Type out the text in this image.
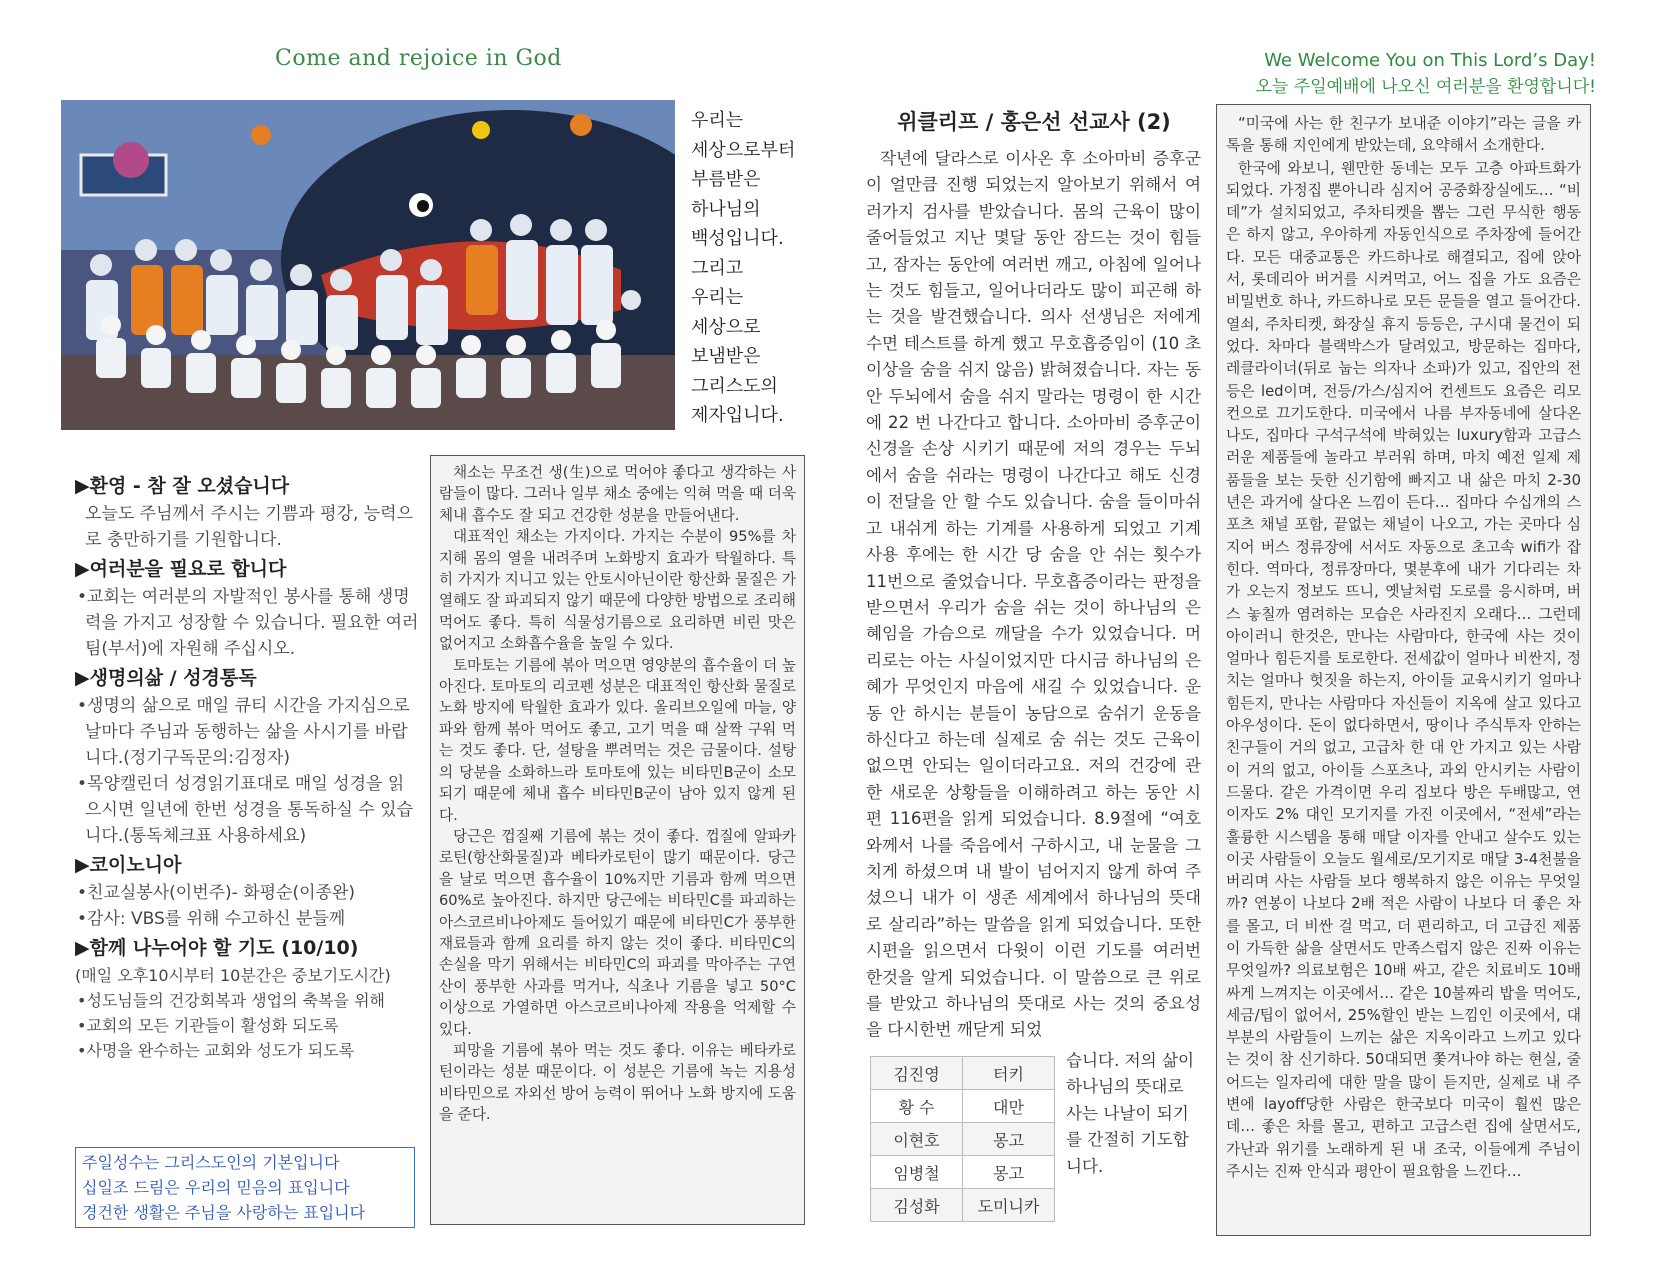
Come and rejoice in God	We Welcome You on This Lord’s Day!
오늘 주일예배에 나오신 여러분을 환영합니다!
우리는
세상으로부터
부름받은
하나님의
백성입니다.
그리고
우리는
세상으로
보냄받은
그리스도의
제자입니다.
▶환영 - 참 잘 오셨습니다
오늘도 주님께서 주시는 기쁨과 평강, 능력으로 충만하기를 기원합니다.
▶여러분을 필요로 합니다
•교회는 여러분의 자발적인 봉사를 통해 생명력을 가지고 성장할 수 있습니다. 필요한 여러 팀(부서)에 자원해 주십시오.
▶생명의삶 / 성경통독
•생명의 삶으로 매일 큐티 시간을 가지심으로 날마다 주님과 동행하는 삶을 사시기를 바랍니다.(정기구독문의:김정자)
•목양캘린더 성경읽기표대로 매일 성경을 읽으시면 일년에 한번 성경을 통독하실 수 있습니다.(통독체크표 사용하세요)
▶코이노니아
•친교실봉사(이번주)- 화평순(이종완)
•감사: VBS를 위해 수고하신 분들께
▶함께 나누어야 할 기도 (10/10)
(매일 오후10시부터 10분간은 중보기도시간)
•성도님들의 건강회복과 생업의 축복을 위해
•교회의 모든 기관들이 활성화 되도록
•사명을 완수하는 교회와 성도가 되도록
주일성수는 그리스도인의 기본입니다
십일조 드림은 우리의 믿음의 표입니다
경건한 생활은 주님을 사랑하는 표입니다

채소는 무조건 생(生)으로 먹어야 좋다고 생각하는 사람들이 많다. 그러나 일부 채소 중에는 익혀 먹을 때 더욱 체내 흡수도 잘 되고 건강한 성분을 만들어낸다.

대표적인 채소는 가지이다. 가지는 수분이 95%를 차지해 몸의 열을 내려주며 노화방지 효과가 탁월하다. 특히 가지가 지니고 있는 안토시아닌이란 항산화 물질은 가열해도 잘 파괴되지 않기 때문에 다양한 방법으로 조리해 먹어도 좋다. 특히 식물성기름으로 요리하면 비린 맛은 없어지고 소화흡수율을 높일 수 있다.

토마토는 기름에 볶아 먹으면 영양분의 흡수율이 더 높아진다. 토마토의 리코펜 성분은 대표적인 항산화 물질로 노화 방지에 탁월한 효과가 있다. 올리브오일에 마늘, 양파와 함께 볶아 먹어도 좋고, 고기 먹을 때 살짝 구워 먹는 것도 좋다. 단, 설탕을 뿌려먹는 것은 금물이다. 설탕의 당분을 소화하느라 토마토에 있는 비타민B군이 소모되기 때문에 체내 흡수 비타민B군이 남아 있지 않게 된다.

당근은 껍질째 기름에 볶는 것이 좋다. 껍질에 알파카로틴(항산화물질)과 베타카로틴이 많기 때문이다. 당근을 날로 먹으면 흡수율이 10%지만 기름과 함께 먹으면 60%로 높아진다. 하지만 당근에는 비타민C를 파괴하는 아스코르비나아제도 들어있기 때문에 비타민C가 풍부한 재료들과 함께 요리를 하지 않는 것이 좋다. 비타민C의 손실을 막기 위해서는 비타민C의 파괴를 막아주는 구연산이 풍부한 사과를 먹거나, 식초나 기름을 넣고 50°C 이상으로 가열하면 아스코르비나아제 작용을 억제할 수 있다.

피망을 기름에 볶아 먹는 것도 좋다. 이유는 베타카로틴이라는 성분 때문이다. 이 성분은 기름에 녹는 지용성 비타민으로 자외선 방어 능력이 뛰어나 노화 방지에 도움을 준다.

위클리프 / 홍은선 선교사 (2)

작년에 달라스로 이사온 후 소아마비 증후군이 얼만큼 진행 되었는지 알아보기 위해서 여러가지 검사를 받았습니다. 몸의 근육이 많이 줄어들었고 지난 몇달 동안 잠드는 것이 힘들고, 잠자는 동안에 여러번 깨고, 아침에 일어나는 것도 힘들고, 일어나더라도 많이 피곤해 하는 것을 발견했습니다. 의사 선생님은 저에게 수면 테스트를 하게 했고 무호흡증임이 (10 초 이상을 숨을 쉬지 않음) 밝혀졌습니다. 자는 동안 두뇌에서 숨을 쉬지 말라는 명령이 한 시간에 22 번 나간다고 합니다. 소아마비 증후군이 신경을 손상 시키기 때문에 저의 경우는 두뇌에서 숨을 쉬라는 명령이 나간다고 해도 신경이 전달을 안 할 수도 있습니다. 숨을 들이마쉬고 내쉬게 하는 기계를 사용하게 되었고 기계 사용 후에는 한 시간 당 숨을 안 쉬는 횟수가 11번으로 줄었습니다. 무호흡증이라는 판정을 받으면서 우리가 숨을 쉬는 것이 하나님의 은혜임을 가슴으로 깨달을 수가 있었습니다. 머리로는 아는 사실이었지만 다시금 하나님의 은혜가 무엇인지 마음에 새길 수 있었습니다. 운동 안 하시는 분들이 농담으로 숨쉬기 운동을 하신다고 하는데 실제로 숨 쉬는 것도 근육이 없으면 안되는 일이더라고요. 저의 건강에 관한 새로운 상황들을 이해하려고 하는 동안 시편 116편을 읽게 되었습니다. 8.9절에 “여호와께서 나를 죽음에서 구하시고, 내 눈물을 그치게 하셨으며 내 발이 넘어지지 않게 하여 주셨으니 내가 이 생존 세계에서 하나님의 뜻대로 살리라”하는 말씀을 읽게 되었습니다. 또한 시편을 읽으면서 다윗이 이런 기도를 여러번 한것을 알게 되었습니다. 이 말씀으로 큰 위로를 받았고 하나님의 뜻대로 사는 것의 중요성을 다시한번 깨닫게 되었

김진영	터키
황 수	대만
이현호	몽고
임병철	몽고
김성화	도미니카
습니다. 저의 삶이 하나님의 뜻대로 사는 나날이 되기를 간절히 기도합니다.

“미국에 사는 한 친구가 보내준 이야기”라는 글을 카톡을 통해 지인에게 받았는데, 요약해서 소개한다.

한국에 와보니, 웬만한 동네는 모두 고층 아파트화가 되었다. 가정집 뿐아니라 심지어 공중화장실에도… “비데”가 설치되었고, 주차티켓을 뽑는 그런 무식한 행동은 하지 않고, 우아하게 자동인식으로 주차장에 들어간다. 모든 대중교통은 카드하나로 해결되고, 집에 앉아서, 롯데리아 버거를 시켜먹고, 어느 집을 가도 요즘은 비밀번호 하나, 카드하나로 모든 문들을 열고 들어간다. 열쇠, 주차티켓, 화장실 휴지 등등은, 구시대 물건이 되었다. 차마다 블랙박스가 달려있고, 방문하는 집마다, 레클라이너(뒤로 눕는 의자나 소파)가 있고, 집안의 전등은 led이며, 전등/가스/심지어 컨센트도 요즘은 리모컨으로 끄기도한다. 미국에서 나름 부자동네에 살다온 나도, 집마다 구석구석에 박혀있는 luxury함과 고급스러운 제품들에 놀라고 부러워 하며, 마치 예전 일제 제품들을 보는 듯한 신기함에 빠지고 내 삶은 마치 2-30년은 과거에 살다온 느낌이 든다… 집마다 수십개의 스포츠 채널 포함, 끝없는 채널이 나오고, 가는 곳마다 심지어 버스 정류장에 서서도 자동으로 초고속 wifi가 잡힌다. 역마다, 정류장마다, 몇분후에 내가 기다리는 차가 오는지 정보도 뜨니, 옛날처럼 도로를 응시하며, 버스 놓칠까 염려하는 모습은 사라진지 오래다… 그런데 아이러니 한것은, 만나는 사람마다, 한국에 사는 것이 얼마나 힘든지를 토로한다. 전세값이 얼마나 비싼지, 정치는 얼마나 헛짓을 하는지, 아이들 교육시키기 얼마나 힘든지, 만나는 사람마다 자신들이 지옥에 살고 있다고 아우성이다. 돈이 없다하면서, 땅이나 주식투자 안하는 친구들이 거의 없고, 고급차 한 대 안 가지고 있는 사람이 거의 없고, 아이들 스포츠나, 과외 안시키는 사람이 드물다. 같은 가격이면 우리 집보다 방은 두배많고, 연이자도 2% 대인 모기지를 가진 이곳에서, “전세”라는 훌륭한 시스템을 통해 매달 이자를 안내고 살수도 있는 이곳 사람들이 오늘도 월세로/모기지로 매달 3-4천불을 버리며 사는 사람들 보다 행복하지 않은 이유는 무엇일까? 연봉이 나보다 2배 적은 사람이 나보다 더 좋은 차를 몰고, 더 비싼 걸 먹고, 더 편리하고, 더 고급진 제품이 가득한 삶을 살면서도 만족스럽지 않은 진짜 이유는 무엇일까? 의료보험은 10배 싸고, 같은 치료비도 10배 싸게 느껴지는 이곳에서… 같은 10불짜리 밥을 먹어도, 세금/팁이 없어서, 25%할인 받는 느낌인 이곳에서, 대부분의 사람들이 느끼는 삶은 지옥이라고 느끼고 있다는 것이 참 신기하다. 50대되면 쫓겨나야 하는 현실, 줄어드는 일자리에 대한 말을 많이 듣지만, 실제로 내 주변에 layoff당한 사람은 한국보다 미국이 훨씬 많은데… 좋은 차를 몰고, 편하고 고급스런 집에 살면서도, 가난과 위기를 노래하게 된 내 조국, 이들에게 주님이 주시는 진짜 안식과 평안이 필요함을 느낀다…
